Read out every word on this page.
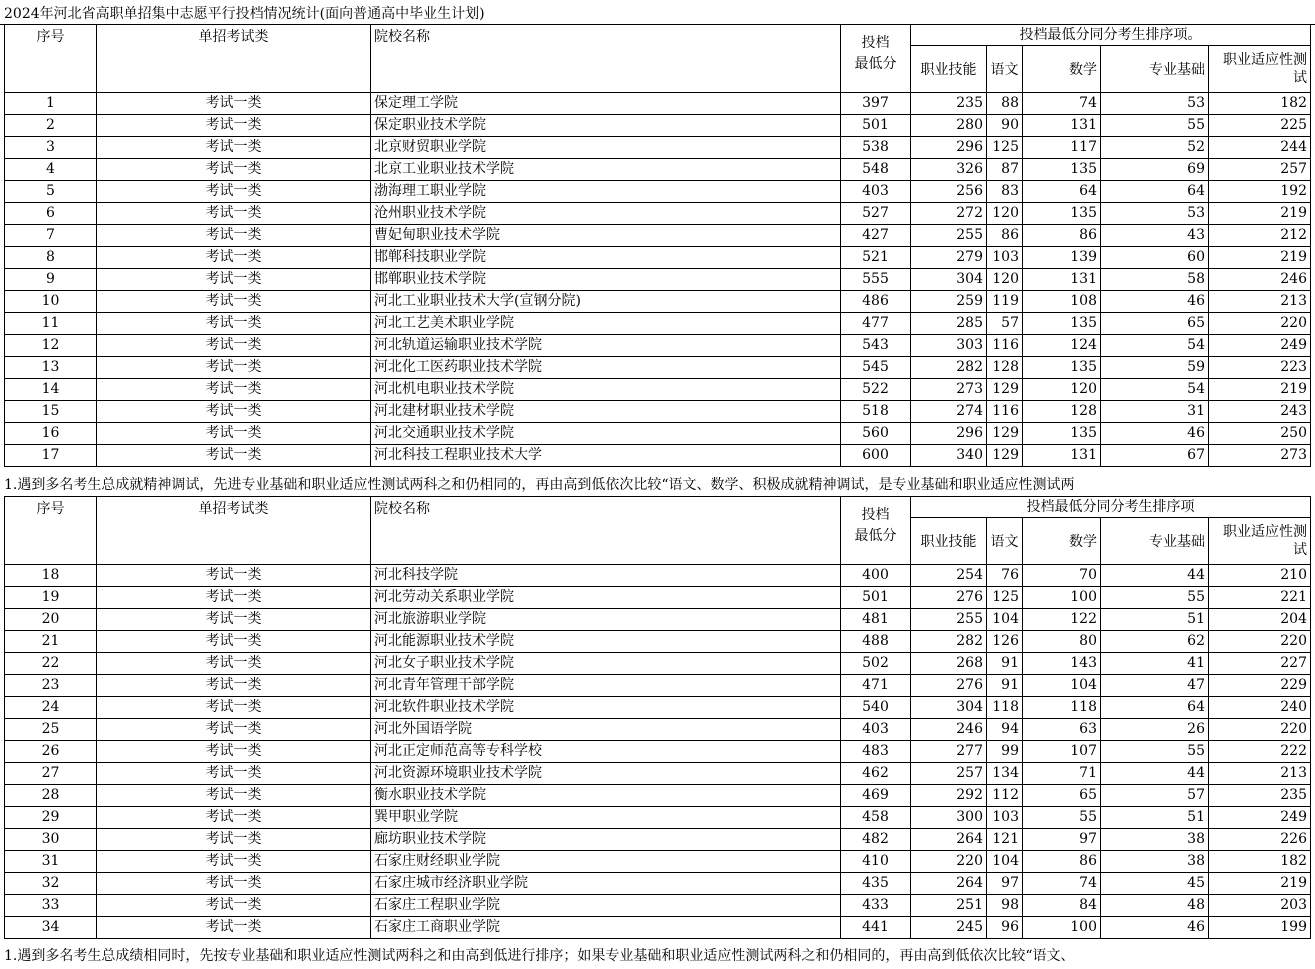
2024年河北省高职单招集中志愿平行投档情况统计(面向普通高中毕业生计划)
序号	单招考试类	院校名称	投档
最低分	投档最低分同分考生排序项。				
				职业技能	语文	数学	专业基础	职业适应性测试
1	考试一类	保定理工学院	397	235	88	74	53	182
2	考试一类	保定职业技术学院	501	280	90	131	55	225
3	考试一类	北京财贸职业学院	538	296	125	117	52	244
4	考试一类	北京工业职业技术学院	548	326	87	135	69	257
5	考试一类	渤海理工职业学院	403	256	83	64	64	192
6	考试一类	沧州职业技术学院	527	272	120	135	53	219
7	考试一类	曹妃甸职业技术学院	427	255	86	86	43	212
8	考试一类	邯郸科技职业学院	521	279	103	139	60	219
9	考试一类	邯郸职业技术学院	555	304	120	131	58	246
10	考试一类	河北工业职业技术大学(宣钢分院)	486	259	119	108	46	213
11	考试一类	河北工艺美术职业学院	477	285	57	135	65	220
12	考试一类	河北轨道运输职业技术学院	543	303	116	124	54	249
13	考试一类	河北化工医药职业技术学院	545	282	128	135	59	223
14	考试一类	河北机电职业技术学院	522	273	129	120	54	219
15	考试一类	河北建材职业技术学院	518	274	116	128	31	243
16	考试一类	河北交通职业技术学院	560	296	129	135	46	250
17	考试一类	河北科技工程职业技术大学	600	340	129	131	67	273
1.遇到多名考生总成就精神调试，先进专业基础和职业适应性测试两科之和仍相同的，再由高到低依次比较“语文、数学、积极成就精神调试，是专业基础和职业适应性测试两
序号	单招考试类	院校名称	投档
最低分	投档最低分同分考生排序项				
				职业技能	语文	数学	专业基础	职业适应性测试
18	考试一类	河北科技学院	400	254	76	70	44	210
19	考试一类	河北劳动关系职业学院	501	276	125	100	55	221
20	考试一类	河北旅游职业学院	481	255	104	122	51	204
21	考试一类	河北能源职业技术学院	488	282	126	80	62	220
22	考试一类	河北女子职业技术学院	502	268	91	143	41	227
23	考试一类	河北青年管理干部学院	471	276	91	104	47	229
24	考试一类	河北软件职业技术学院	540	304	118	118	64	240
25	考试一类	河北外国语学院	403	246	94	63	26	220
26	考试一类	河北正定师范高等专科学校	483	277	99	107	55	222
27	考试一类	河北资源环境职业技术学院	462	257	134	71	44	213
28	考试一类	衡水职业技术学院	469	292	112	65	57	235
29	考试一类	巽甲职业学院	458	300	103	55	51	249
30	考试一类	廊坊职业技术学院	482	264	121	97	38	226
31	考试一类	石家庄财经职业学院	410	220	104	86	38	182
32	考试一类	石家庄城市经济职业学院	435	264	97	74	45	219
33	考试一类	石家庄工程职业学院	433	251	98	84	48	203
34	考试一类	石家庄工商职业学院	441	245	96	100	46	199
1.遇到多名考生总成绩相同时，先按专业基础和职业适应性测试两科之和由高到低进行排序；如果专业基础和职业适应性测试两科之和仍相同的，再由高到低依次比较“语文、
